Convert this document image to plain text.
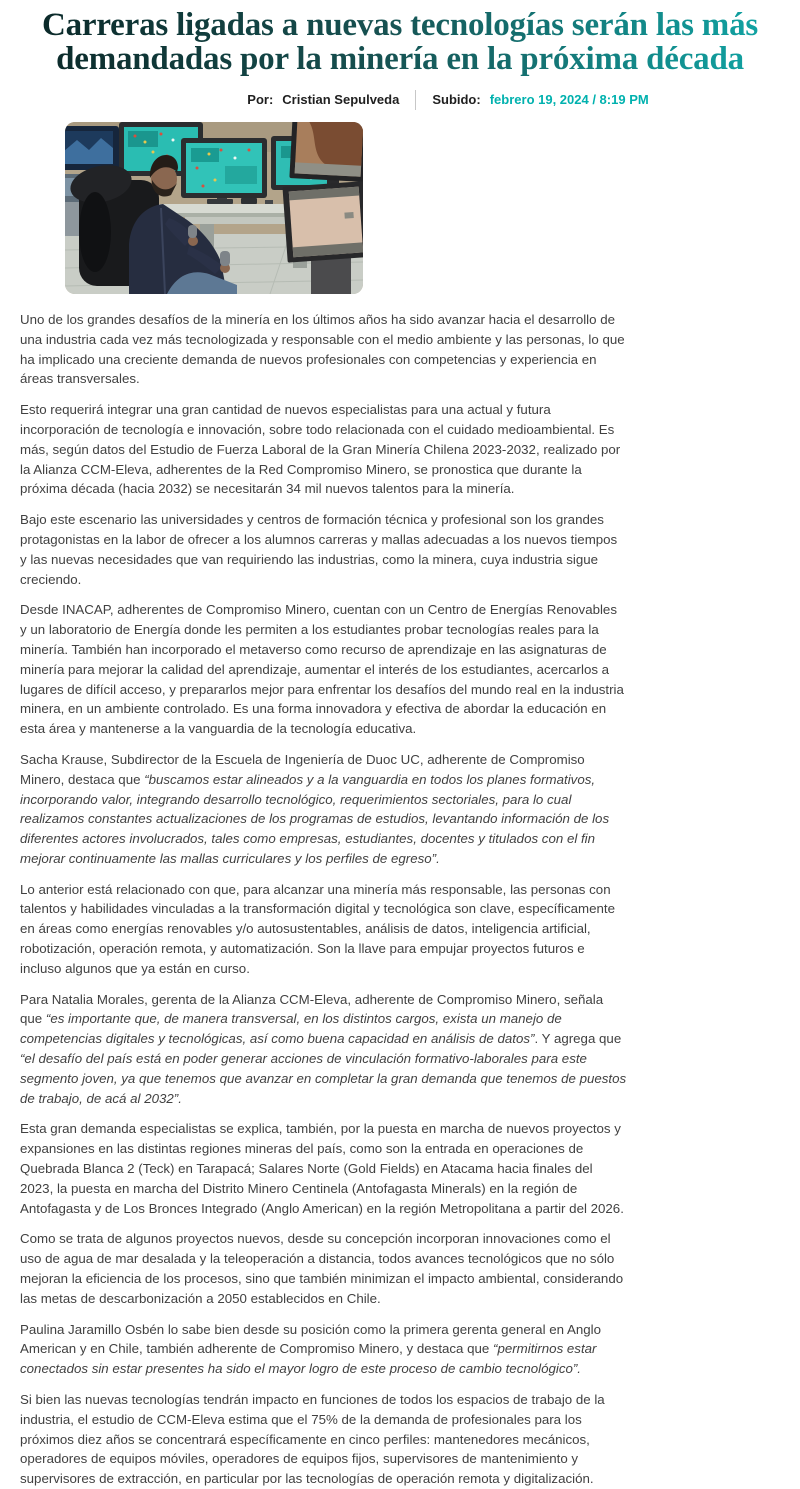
Carreras ligadas a nuevas tecnologías serán las más
demandadas por la minería en la próxima década
Por: Cristian Sepulveda	Subido: febrero 19, 2024 / 8:19 PM

Uno de los grandes desafíos de la minería en los últimos años ha sido avanzar hacia el desarrollo de una industria cada vez más tecnologizada y responsable con el medio ambiente y las personas, lo que ha implicado una creciente demanda de nuevos profesionales con competencias y experiencia en áreas transversales.

Esto requerirá integrar una gran cantidad de nuevos especialistas para una actual y futura incorporación de tecnología e innovación, sobre todo relacionada con el cuidado medioambiental. Es más, según datos del Estudio de Fuerza Laboral de la Gran Minería Chilena 2023-2032, realizado por la Alianza CCM-Eleva, adherentes de la Red Compromiso Minero, se pronostica que durante la próxima década (hacia 2032) se necesitarán 34 mil nuevos talentos para la minería.

Bajo este escenario las universidades y centros de formación técnica y profesional son los grandes protagonistas en la labor de ofrecer a los alumnos carreras y mallas adecuadas a los nuevos tiempos y las nuevas necesidades que van requiriendo las industrias, como la minera, cuya industria sigue creciendo.

Desde INACAP, adherentes de Compromiso Minero, cuentan con un Centro de Energías Renovables y un laboratorio de Energía donde les permiten a los estudiantes probar tecnologías reales para la minería. También han incorporado el metaverso como recurso de aprendizaje en las asignaturas de minería para mejorar la calidad del aprendizaje, aumentar el interés de los estudiantes, acercarlos a lugares de difícil acceso, y prepararlos mejor para enfrentar los desafíos del mundo real en la industria minera, en un ambiente controlado. Es una forma innovadora y efectiva de abordar la educación en esta área y mantenerse a la vanguardia de la tecnología educativa.

Sacha Krause, Subdirector de la Escuela de Ingeniería de Duoc UC, adherente de Compromiso Minero, destaca que “buscamos estar alineados y a la vanguardia en todos los planes formativos, incorporando valor, integrando desarrollo tecnológico, requerimientos sectoriales, para lo cual realizamos constantes actualizaciones de los programas de estudios, levantando información de los diferentes actores involucrados, tales como empresas, estudiantes, docentes y titulados con el fin mejorar continuamente las mallas curriculares y los perfiles de egreso”.

Lo anterior está relacionado con que, para alcanzar una minería más responsable, las personas con talentos y habilidades vinculadas a la transformación digital y tecnológica son clave, específicamente en áreas como energías renovables y/o autosustentables, análisis de datos, inteligencia artificial, robotización, operación remota, y automatización. Son la llave para empujar proyectos futuros e incluso algunos que ya están en curso.

Para Natalia Morales, gerenta de la Alianza CCM-Eleva, adherente de Compromiso Minero, señala que “es importante que, de manera transversal, en los distintos cargos, exista un manejo de competencias digitales y tecnológicas, así como buena capacidad en análisis de datos”. Y agrega que “el desafío del país está en poder generar acciones de vinculación formativo-laborales para este segmento joven, ya que tenemos que avanzar en completar la gran demanda que tenemos de puestos de trabajo, de acá al 2032”.

Esta gran demanda especialistas se explica, también, por la puesta en marcha de nuevos proyectos y expansiones en las distintas regiones mineras del país, como son la entrada en operaciones de Quebrada Blanca 2 (Teck) en Tarapacá; Salares Norte (Gold Fields) en Atacama hacia finales del 2023, la puesta en marcha del Distrito Minero Centinela (Antofagasta Minerals) en la región de Antofagasta y de Los Bronces Integrado (Anglo American) en la región Metropolitana a partir del 2026.

Como se trata de algunos proyectos nuevos, desde su concepción incorporan innovaciones como el uso de agua de mar desalada y la teleoperación a distancia, todos avances tecnológicos que no sólo mejoran la eficiencia de los procesos, sino que también minimizan el impacto ambiental, considerando las metas de descarbonización a 2050 establecidos en Chile.

Paulina Jaramillo Osbén lo sabe bien desde su posición como la primera gerenta general en Anglo American y en Chile, también adherente de Compromiso Minero, y destaca que “permitirnos estar conectados sin estar presentes ha sido el mayor logro de este proceso de cambio tecnológico”.

Si bien las nuevas tecnologías tendrán impacto en funciones de todos los espacios de trabajo de la industria, el estudio de CCM-Eleva estima que el 75% de la demanda de profesionales para los próximos diez años se concentrará específicamente en cinco perfiles: mantenedores mecánicos, operadores de equipos móviles, operadores de equipos fijos, supervisores de mantenimiento y supervisores de extracción, en particular por las tecnologías de operación remota y digitalización.
